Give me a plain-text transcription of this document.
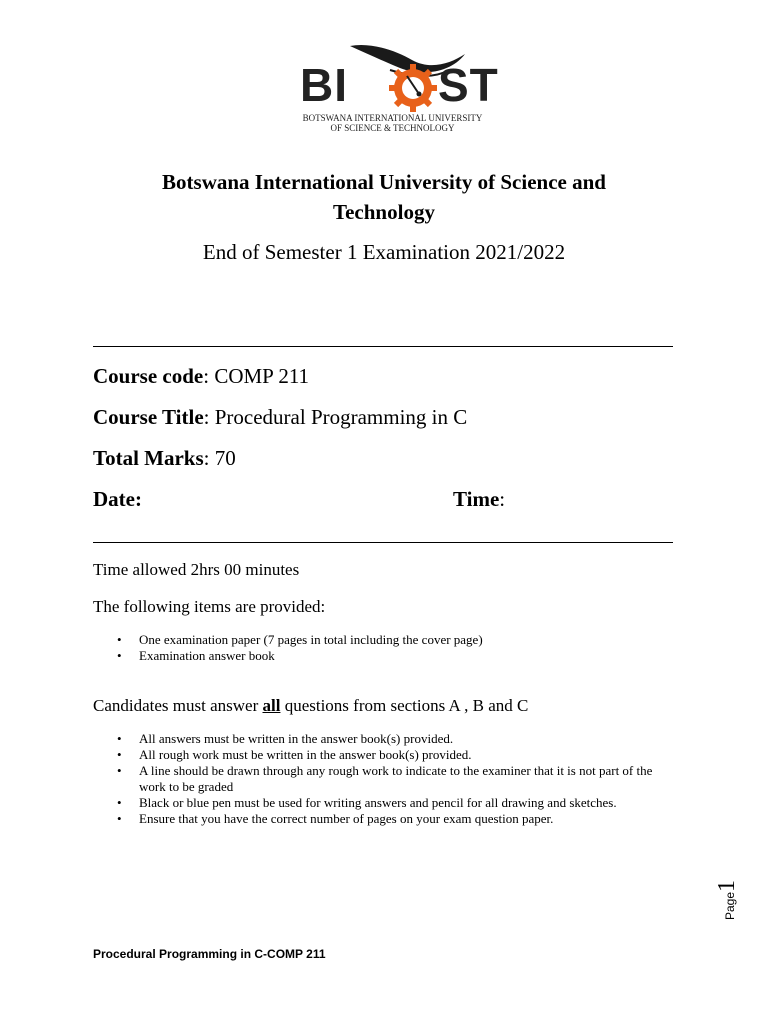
BI ST
BOTSWANA INTERNATIONAL UNIVERSITY
OF SCIENCE & TECHNOLOGY
Botswana International University of Science and
Technology
End of Semester 1 Examination 2021/2022
Course code: COMP 211
Course Title: Procedural Programming in C
Total Marks: 70
Date:	Time:
Time allowed 2hrs 00 minutes
The following items are provided:
• One examination paper (7 pages in total including the cover page)
• Examination answer book
Candidates must answer all questions from sections A , B and C
• All answers must be written in the answer book(s) provided.
• All rough work must be written in the answer book(s) provided.
• A line should be drawn through any rough work to indicate to the examiner that it is not part of the work to be graded
• Black or blue pen must be used for writing answers and pencil for all drawing and sketches.
• Ensure that you have the correct number of pages on your exam question paper.
Page1
Procedural Programming in C-COMP 211
